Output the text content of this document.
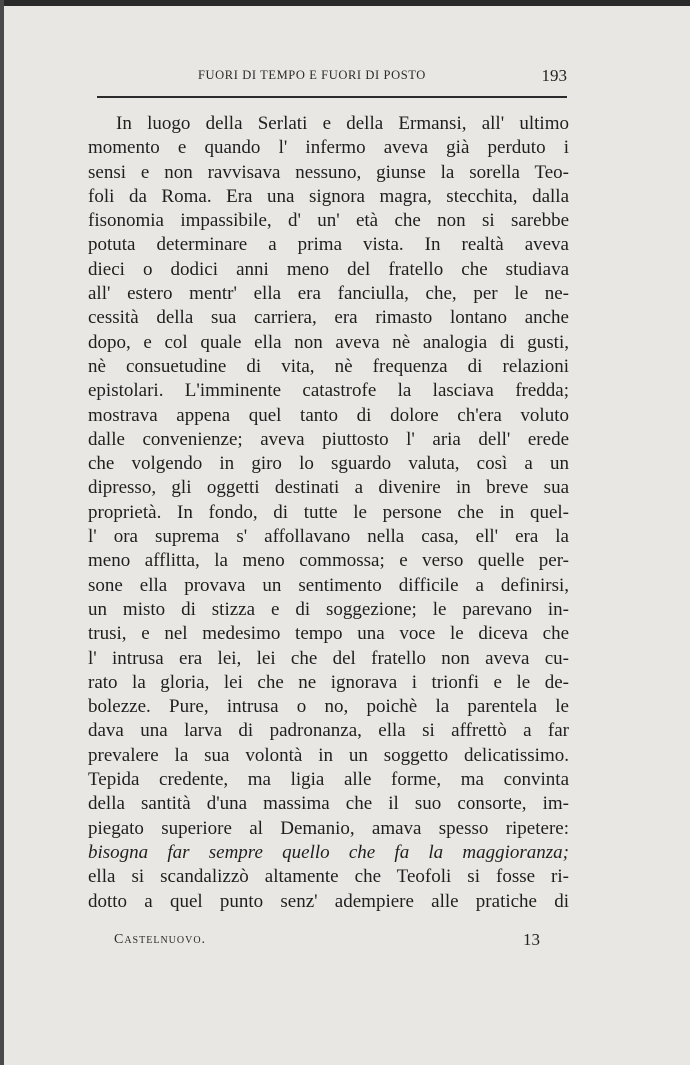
FUORI DI TEMPO E FUORI DI POSTO	193
In luogo della Serlati e della Ermansi, all' ultimo
momento e quando l' infermo aveva già perduto i
sensi e non ravvisava nessuno, giunse la sorella Teo-
foli da Roma. Era una signora magra, stecchita, dalla
fisonomia impassibile, d' un' età che non si sarebbe
potuta determinare a prima vista. In realtà aveva
dieci o dodici anni meno del fratello che studiava
all' estero mentr' ella era fanciulla, che, per le ne-
cessità della sua carriera, era rimasto lontano anche
dopo, e col quale ella non aveva nè analogia di gusti,
nè consuetudine di vita, nè frequenza di relazioni
epistolari. L'imminente catastrofe la lasciava fredda;
mostrava appena quel tanto di dolore ch'era voluto
dalle convenienze; aveva piuttosto l' aria dell' erede
che volgendo in giro lo sguardo valuta, così a un
dipresso, gli oggetti destinati a divenire in breve sua
proprietà. In fondo, di tutte le persone che in quel-
l' ora suprema s' affollavano nella casa, ell' era la
meno afflitta, la meno commossa; e verso quelle per-
sone ella provava un sentimento difficile a definirsi,
un misto di stizza e di soggezione; le parevano in-
trusi, e nel medesimo tempo una voce le diceva che
l' intrusa era lei, lei che del fratello non aveva cu-
rato la gloria, lei che ne ignorava i trionfi e le de-
bolezze. Pure, intrusa o no, poichè la parentela le
dava una larva di padronanza, ella si affrettò a far
prevalere la sua volontà in un soggetto delicatissimo.
Tepida credente, ma ligia alle forme, ma convinta
della santità d'una massima che il suo consorte, im-
piegato superiore al Demanio, amava spesso ripetere:
bisogna far sempre quello che fa la maggioranza;
ella si scandalizzò altamente che Teofoli si fosse ri-
dotto a quel punto senz' adempiere alle pratiche di
Castelnuovo.	13
